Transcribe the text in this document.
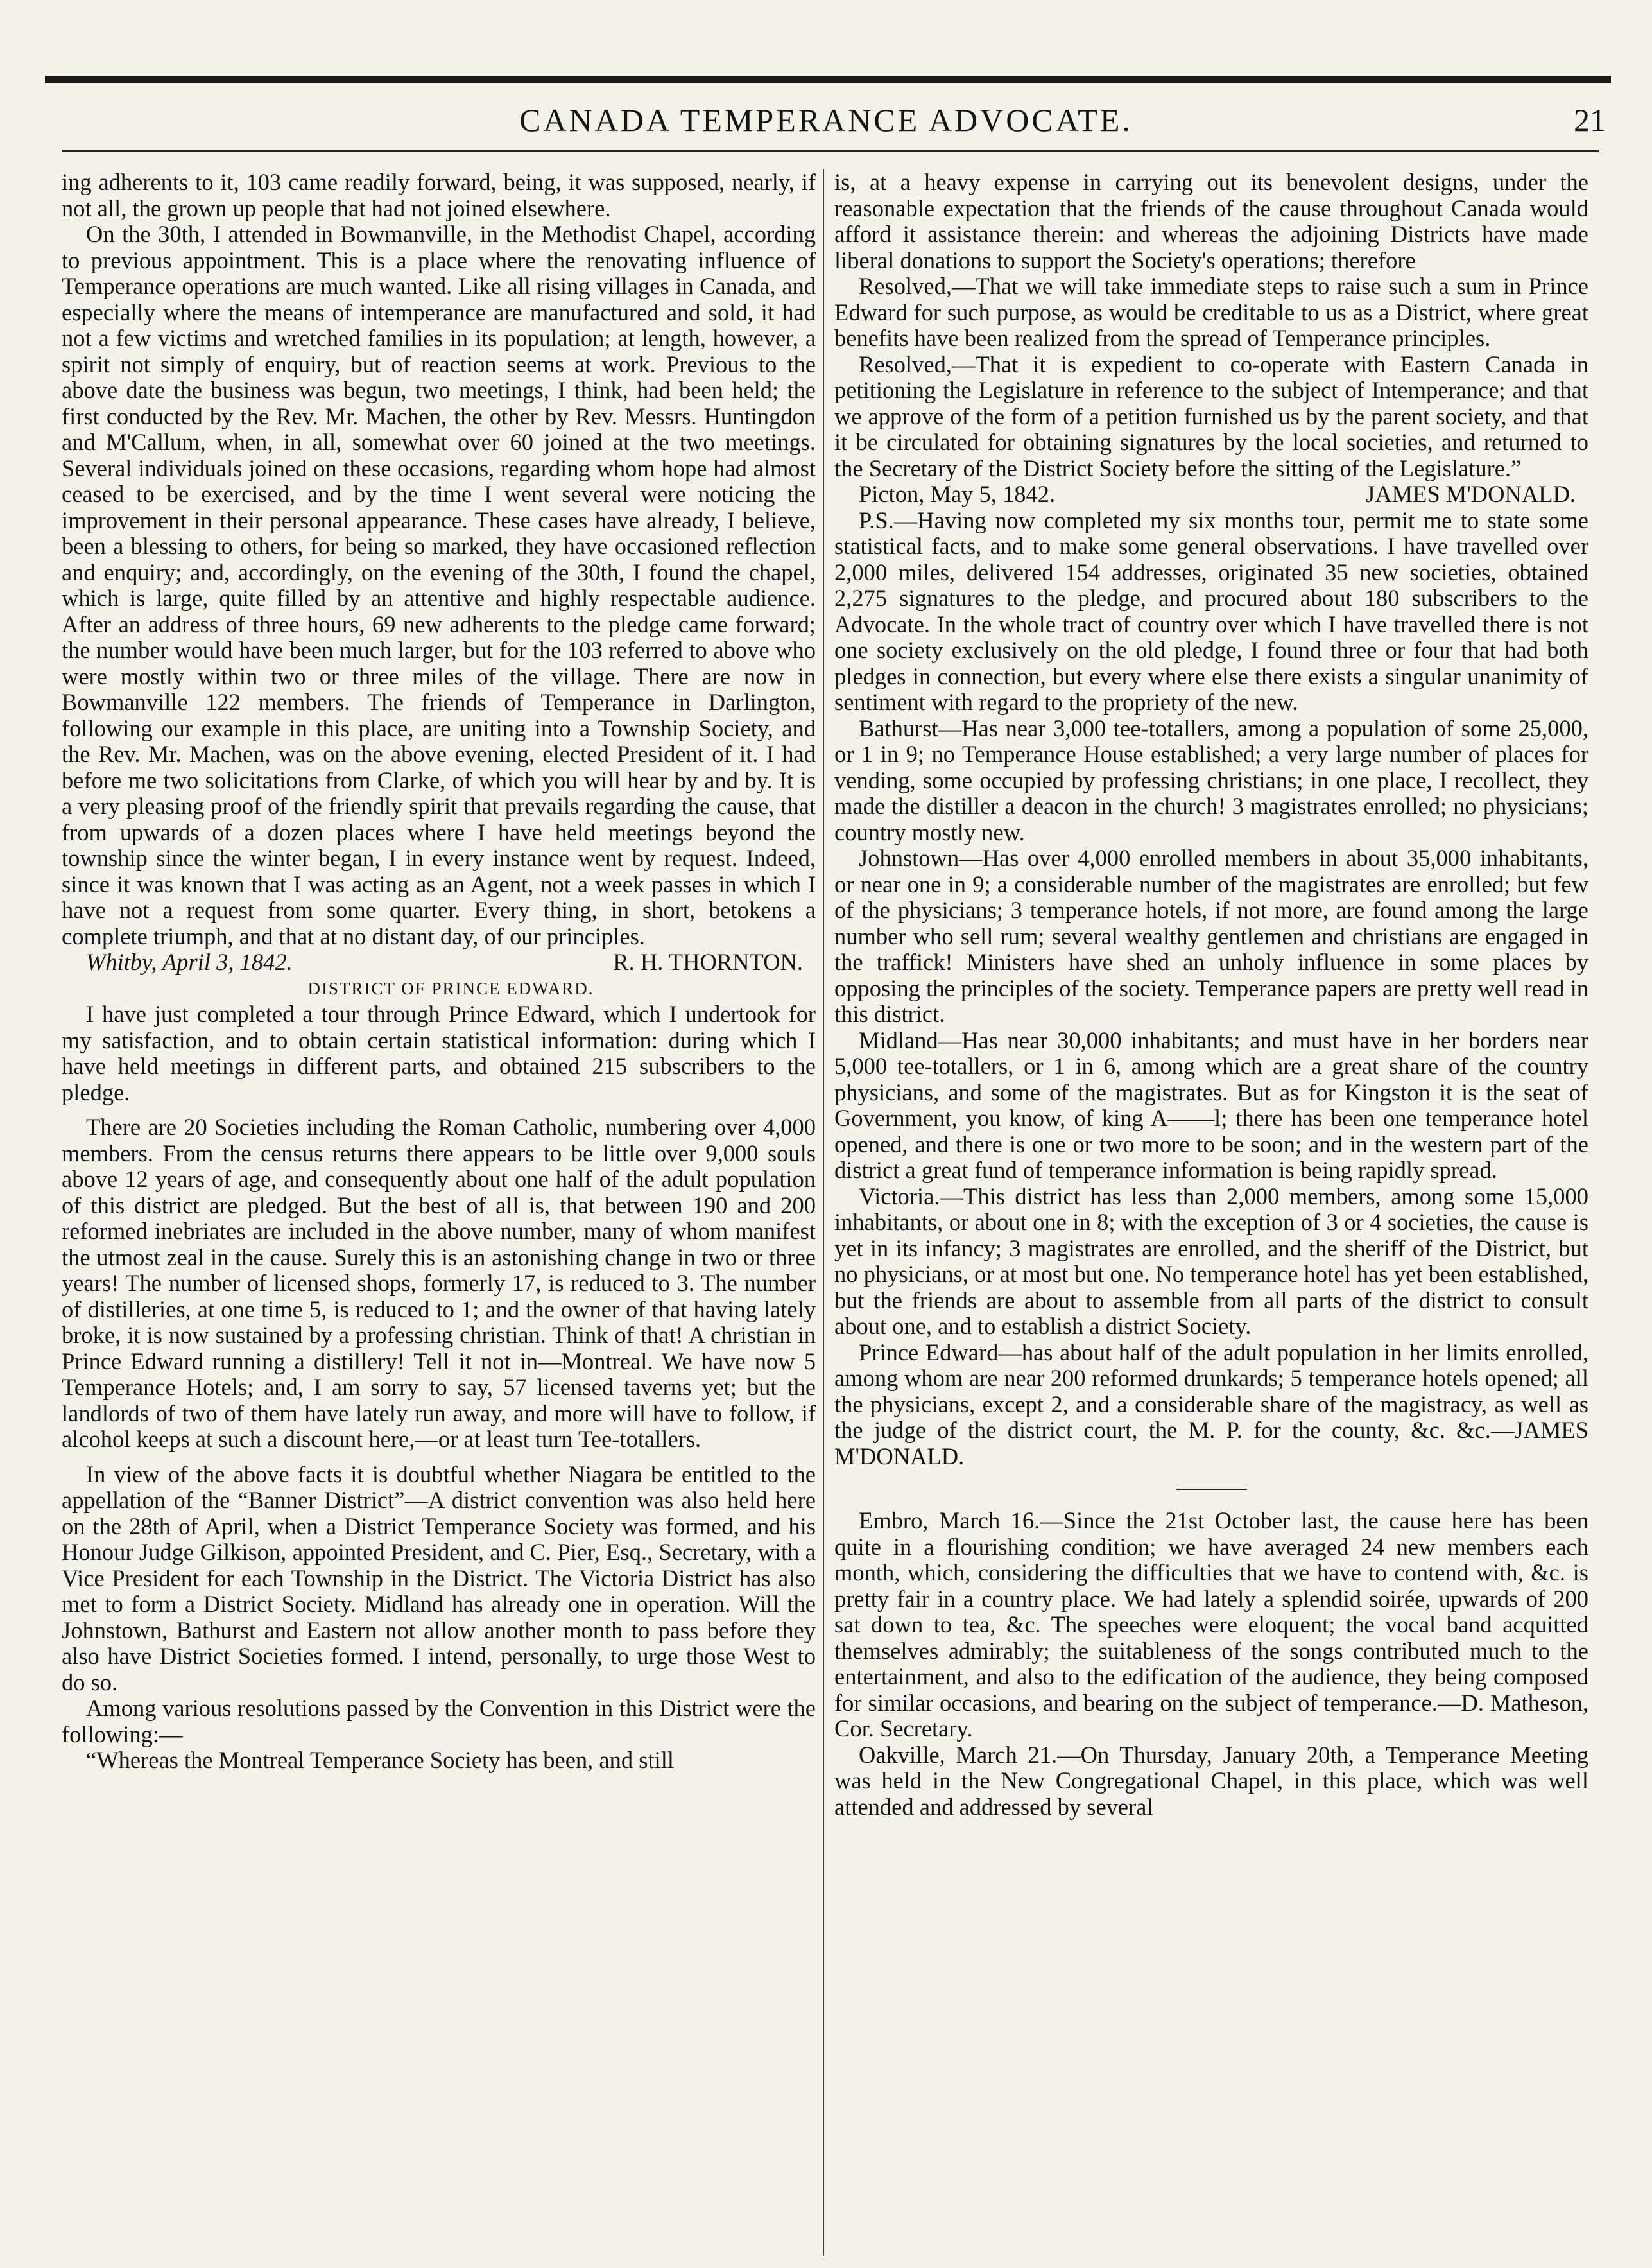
CANADA TEMPERANCE ADVOCATE.	21

ing adherents to it, 103 came readily forward, being, it was supposed, nearly, if not all, the grown up people that had not joined elsewhere.

On the 30th, I attended in Bowmanville, in the Methodist Chapel, according to previous appointment. This is a place where the renovating influence of Temperance operations are much wanted. Like all rising villages in Canada, and especially where the means of intemperance are manufactured and sold, it had not a few victims and wretched families in its population; at length, however, a spirit not simply of enquiry, but of reaction seems at work. Previous to the above date the business was begun, two meetings, I think, had been held; the first conducted by the Rev. Mr. Machen, the other by Rev. Messrs. Huntingdon and M'Callum, when, in all, somewhat over 60 joined at the two meetings. Several individuals joined on these occasions, regarding whom hope had almost ceased to be exercised, and by the time I went several were noticing the improvement in their personal appearance. These cases have already, I believe, been a blessing to others, for being so marked, they have occasioned reflection and enquiry; and, accordingly, on the evening of the 30th, I found the chapel, which is large, quite filled by an attentive and highly respectable audience. After an address of three hours, 69 new adherents to the pledge came forward; the number would have been much larger, but for the 103 referred to above who were mostly within two or three miles of the village. There are now in Bowmanville 122 members. The friends of Temperance in Darlington, following our example in this place, are uniting into a Township Society, and the Rev. Mr. Machen, was on the above evening, elected President of it. I had before me two solicitations from Clarke, of which you will hear by and by. It is a very pleasing proof of the friendly spirit that prevails regarding the cause, that from upwards of a dozen places where I have held meetings beyond the township since the winter began, I in every instance went by request. Indeed, since it was known that I was acting as an Agent, not a week passes in which I have not a request from some quarter. Every thing, in short, betokens a complete triumph, and that at no distant day, of our principles.

Whitby, April 3, 1842.	R. H. THORNTON.

DISTRICT OF PRINCE EDWARD.

I have just completed a tour through Prince Edward, which I undertook for my satisfaction, and to obtain certain statistical information: during which I have held meetings in different parts, and obtained 215 subscribers to the pledge.

There are 20 Societies including the Roman Catholic, numbering over 4,000 members. From the census returns there appears to be little over 9,000 souls above 12 years of age, and consequently about one half of the adult population of this district are pledged. But the best of all is, that between 190 and 200 reformed inebriates are included in the above number, many of whom manifest the utmost zeal in the cause. Surely this is an astonishing change in two or three years! The number of licensed shops, formerly 17, is reduced to 3. The number of distilleries, at one time 5, is reduced to 1; and the owner of that having lately broke, it is now sustained by a professing christian. Think of that! A christian in Prince Edward running a distillery! Tell it not in—Montreal. We have now 5 Temperance Hotels; and, I am sorry to say, 57 licensed taverns yet; but the landlords of two of them have lately run away, and more will have to follow, if alcohol keeps at such a discount here,—or at least turn Tee-totallers.

In view of the above facts it is doubtful whether Niagara be entitled to the appellation of the “Banner District”—A district convention was also held here on the 28th of April, when a District Temperance Society was formed, and his Honour Judge Gilkison, appointed President, and C. Pier, Esq., Secretary, with a Vice President for each Township in the District. The Victoria District has also met to form a District Society. Midland has already one in operation. Will the Johnstown, Bathurst and Eastern not allow another month to pass before they also have District Societies formed. I intend, personally, to urge those West to do so.

Among various resolutions passed by the Convention in this District were the following:—

“Whereas the Montreal Temperance Society has been, and still

is, at a heavy expense in carrying out its benevolent designs, under the reasonable expectation that the friends of the cause throughout Canada would afford it assistance therein: and whereas the adjoining Districts have made liberal donations to support the Society's operations; therefore

Resolved,—That we will take immediate steps to raise such a sum in Prince Edward for such purpose, as would be creditable to us as a District, where great benefits have been realized from the spread of Temperance principles.

Resolved,—That it is expedient to co-operate with Eastern Canada in petitioning the Legislature in reference to the subject of Intemperance; and that we approve of the form of a petition furnished us by the parent society, and that it be circulated for obtaining signatures by the local societies, and returned to the Secretary of the District Society before the sitting of the Legislature.”

Picton, May 5, 1842.	JAMES M'DONALD.

P.S.—Having now completed my six months tour, permit me to state some statistical facts, and to make some general observations. I have travelled over 2,000 miles, delivered 154 addresses, originated 35 new societies, obtained 2,275 signatures to the pledge, and procured about 180 subscribers to the Advocate. In the whole tract of country over which I have travelled there is not one society exclusively on the old pledge, I found three or four that had both pledges in connection, but every where else there exists a singular unanimity of sentiment with regard to the propriety of the new.

Bathurst—Has near 3,000 tee-totallers, among a population of some 25,000, or 1 in 9; no Temperance House established; a very large number of places for vending, some occupied by professing christians; in one place, I recollect, they made the distiller a deacon in the church! 3 magistrates enrolled; no physicians; country mostly new.

Johnstown—Has over 4,000 enrolled members in about 35,000 inhabitants, or near one in 9; a considerable number of the magistrates are enrolled; but few of the physicians; 3 temperance hotels, if not more, are found among the large number who sell rum; several wealthy gentlemen and christians are engaged in the traffick! Ministers have shed an unholy influence in some places by opposing the principles of the society. Temperance papers are pretty well read in this district.

Midland—Has near 30,000 inhabitants; and must have in her borders near 5,000 tee-totallers, or 1 in 6, among which are a great share of the country physicians, and some of the magistrates. But as for Kingston it is the seat of Government, you know, of king A——l; there has been one temperance hotel opened, and there is one or two more to be soon; and in the western part of the district a great fund of temperance information is being rapidly spread.

Victoria.—This district has less than 2,000 members, among some 15,000 inhabitants, or about one in 8; with the exception of 3 or 4 societies, the cause is yet in its infancy; 3 magistrates are enrolled, and the sheriff of the District, but no physicians, or at most but one. No temperance hotel has yet been established, but the friends are about to assemble from all parts of the district to consult about one, and to establish a district Society.

Prince Edward—has about half of the adult population in her limits enrolled, among whom are near 200 reformed drunkards; 5 temperance hotels opened; all the physicians, except 2, and a considerable share of the magistracy, as well as the judge of the district court, the M. P. for the county, &c. &c.—JAMES M'DONALD.

Embro, March 16.—Since the 21st October last, the cause here has been quite in a flourishing condition; we have averaged 24 new members each month, which, considering the difficulties that we have to contend with, &c. is pretty fair in a country place. We had lately a splendid soirée, upwards of 200 sat down to tea, &c. The speeches were eloquent; the vocal band acquitted themselves admirably; the suitableness of the songs contributed much to the entertainment, and also to the edification of the audience, they being composed for similar occasions, and bearing on the subject of temperance.—D. Matheson, Cor. Secretary.

Oakville, March 21.—On Thursday, January 20th, a Temperance Meeting was held in the New Congregational Chapel, in this place, which was well attended and addressed by several
